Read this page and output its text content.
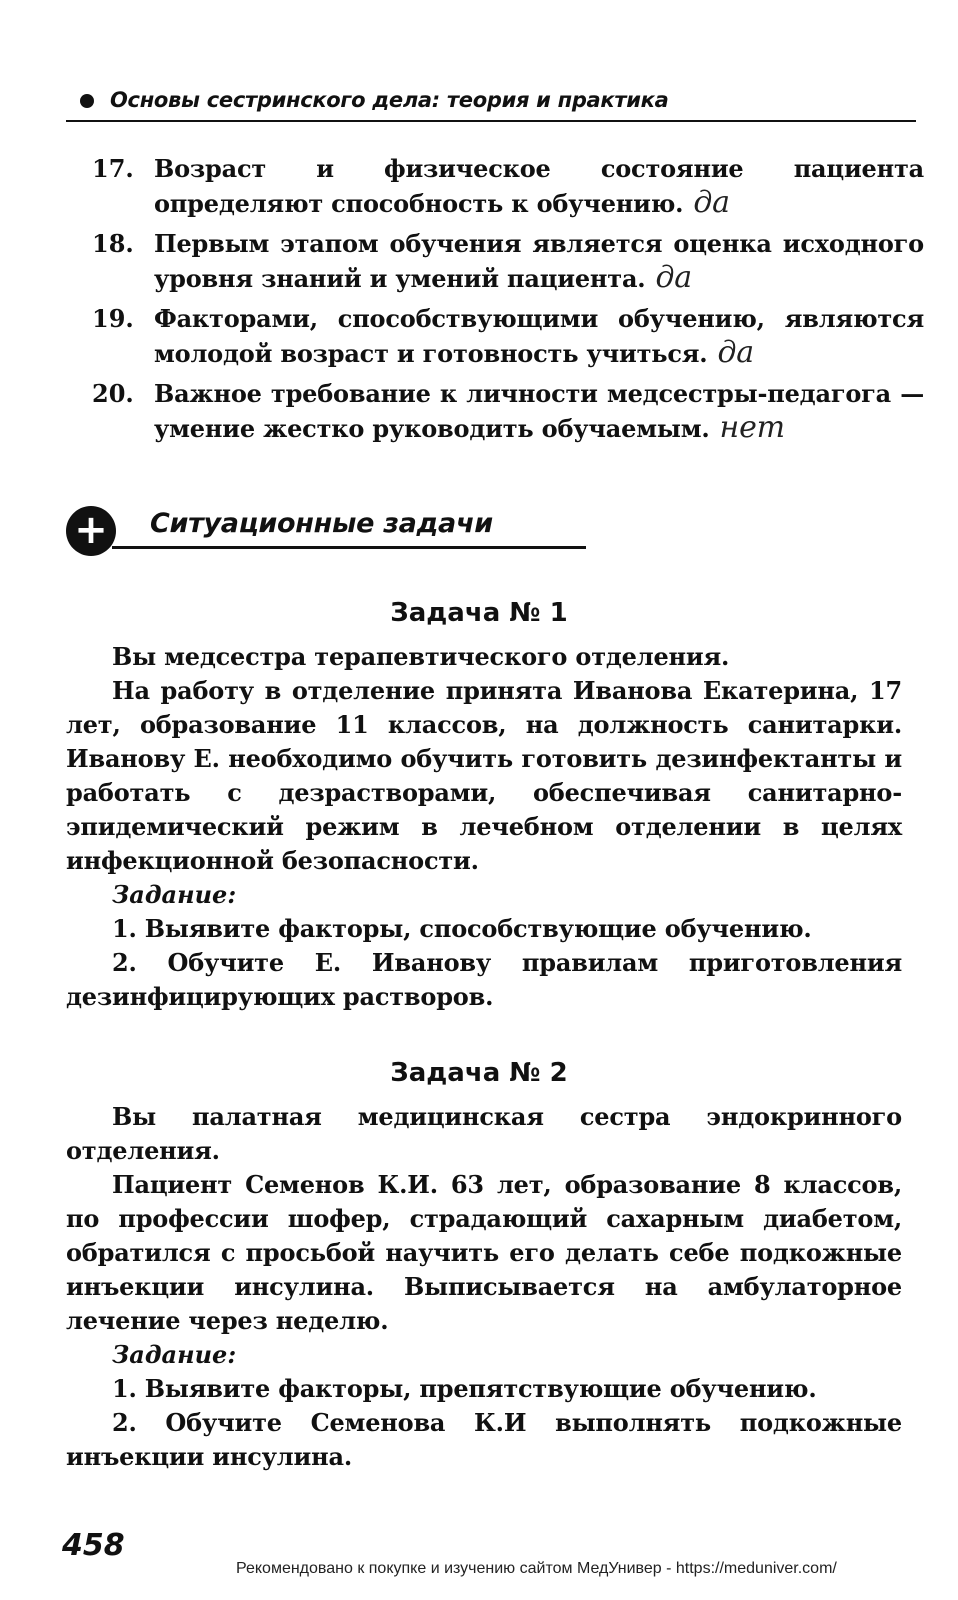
Основы сестринского дела: теория и практика
17. Возраст и физическое состояние пациента определяют способность к обучению. да
18. Первым этапом обучения является оценка исходного уровня знаний и умений пациента. да
19. Факторами, способствующими обучению, являются молодой возраст и готовность учиться. да
20. Важное требование к личности медсестры-педагога — умение жестко руководить обучаемым. нет
+	Ситуационные задачи
Задача № 1

Вы медсестра терапевтического отделения.

На работу в отделение принята Иванова Екатерина, 17 лет, образование 11 классов, на должность санитарки. Иванову Е. необходимо обучить готовить дезинфектанты и работать с дезрастворами, обеспечивая санитарно-эпидемический режим в лечебном отделении в целях инфекционной безопасности.

Задание:

1. Выявите факторы, способствующие обучению.

2. Обучите Е. Иванову правилам приготовления дезинфицирующих растворов.

Задача № 2

Вы палатная медицинская сестра эндокринного отделения.

Пациент Семенов К.И. 63 лет, образование 8 классов, по профессии шофер, страдающий сахарным диабетом, обратился с просьбой научить его делать себе подкожные инъекции инсулина. Выписывается на амбулаторное лечение через неделю.

Задание:

1. Выявите факторы, препятствующие обучению.

2. Обучите Семенова К.И выполнять подкожные инъекции инсулина.

458
Рекомендовано к покупке и изучению сайтом МедУнивер - https://meduniver.com/
